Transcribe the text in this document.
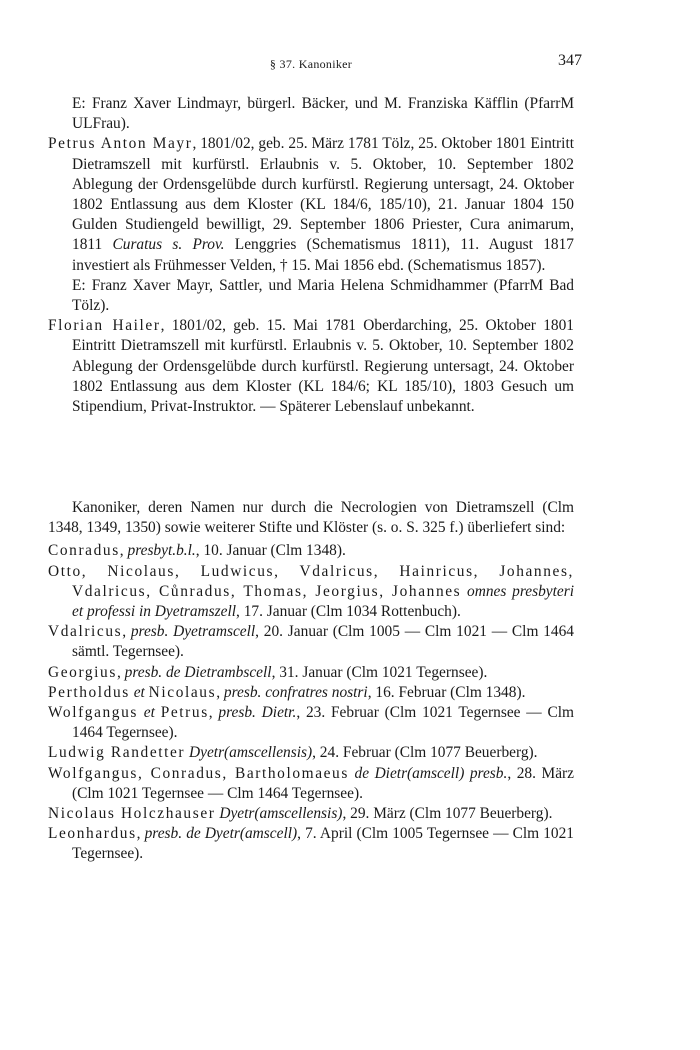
§ 37. Kanoniker	347

E: Franz Xaver Lindmayr, bürgerl. Bäcker, und M. Franziska Käfflin (PfarrM ULFrau).

Petrus Anton Mayr, 1801/02, geb. 25. März 1781 Tölz, 25. Oktober 1801 Eintritt Dietramszell mit kurfürstl. Erlaubnis v. 5. Oktober, 10. September 1802 Ablegung der Ordensgelübde durch kurfürstl. Regierung untersagt, 24. Oktober 1802 Entlassung aus dem Kloster (KL 184/6, 185/10), 21. Januar 1804 150 Gulden Studiengeld bewilligt, 29. September 1806 Priester, Cura animarum, 1811 Curatus s. Prov. Lenggries (Schematismus 1811), 11. August 1817 investiert als Frühmesser Velden, † 15. Mai 1856 ebd. (Schematismus 1857).

E: Franz Xaver Mayr, Sattler, und Maria Helena Schmidhammer (PfarrM Bad Tölz).

Florian Hailer, 1801/02, geb. 15. Mai 1781 Oberdarching, 25. Oktober 1801 Eintritt Dietramszell mit kurfürstl. Erlaubnis v. 5. Oktober, 10. September 1802 Ablegung der Ordensgelübde durch kurfürstl. Regierung untersagt, 24. Oktober 1802 Entlassung aus dem Kloster (KL 184/6; KL 185/10), 1803 Gesuch um Stipendium, Privat-Instruktor. — Späterer Lebenslauf unbekannt.

Kanoniker, deren Namen nur durch die Necrologien von Dietramszell (Clm 1348, 1349, 1350) sowie weiterer Stifte und Klöster (s. o. S. 325 f.) überliefert sind:

Conradus, presbyt.b.l., 10. Januar (Clm 1348).

Otto, Nicolaus, Ludwicus, Vdalricus, Hainricus, Johannes, Vdalricus, Cůnradus, Thomas, Jeorgius, Johannes omnes presbyteri et professi in Dyetramszell, 17. Januar (Clm 1034 Rottenbuch).

Vdalricus, presb. Dyetramscell, 20. Januar (Clm 1005 — Clm 1021 — Clm 1464 sämtl. Tegernsee).

Georgius, presb. de Dietrambscell, 31. Januar (Clm 1021 Tegernsee).

Pertholdus et Nicolaus, presb. confratres nostri, 16. Februar (Clm 1348).

Wolfgangus et Petrus, presb. Dietr., 23. Februar (Clm 1021 Tegernsee — Clm 1464 Tegernsee).

Ludwig Randetter Dyetr(amscellensis), 24. Februar (Clm 1077 Beuerberg).

Wolfgangus, Conradus, Bartholomaeus de Dietr(amscell) presb., 28. März (Clm 1021 Tegernsee — Clm 1464 Tegernsee).

Nicolaus Holczhauser Dyetr(amscellensis), 29. März (Clm 1077 Beuerberg).

Leonhardus, presb. de Dyetr(amscell), 7. April (Clm 1005 Tegernsee — Clm 1021 Tegernsee).
